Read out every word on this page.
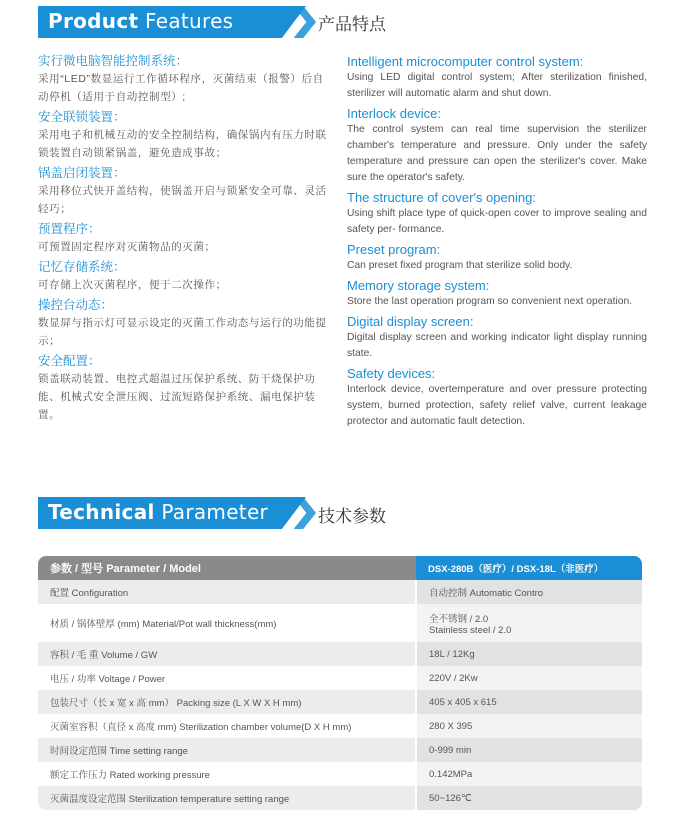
Product Features	产品特点
实行微电脑智能控制系统：
采用“LED”数显运行工作循环程序，灭菌结束（报警）后自动停机（适用于自动控制型）;
安全联锁装置：
采用电子和机械互动的安全控制结构，确保锅内有压力时联锁装置自动锁紧锅盖，避免造成事故；
锅盖启闭装置：
采用移位式快开盖结构，使锅盖开启与锁紧安全可靠、灵活轻巧；
预置程序：
可预置固定程序对灭菌物品的灭菌；
记忆存储系统：
可存储上次灭菌程序，便于二次操作；
操控台动态：
数显屏与指示灯可显示设定的灭菌工作动态与运行的功能提示；
安全配置：
锁盖联动装置、电控式超温过压保护系统、防干烧保护功能、机械式安全泄压阀、过流短路保护系统、漏电保护装置。
Intelligent microcomputer control system:
Using LED digital control system; After sterilization finished, sterilizer will automatic alarm and shut down.
Interlock device:
The control system can real time supervision the sterilizer chamber's temperature and pressure. Only under the safety temperature and pressure can open the sterilizer's cover. Make sure the operator's safety.
The structure of cover's opening:
Using shift place type of quick-open cover to improve sealing and safety per- formance.
Preset program:
Can preset fixed program that sterilize solid body.
Memory storage system:
Store the last operation program so convenient next operation.
Digital display screen:
Digital display screen and working indicator light display running state.
Safety devices:
Interlock device, overtemperature and over pressure protecting system, burned protection, safety relief valve, current leakage protector and automatic fault detection.
Technical Parameter	技术参数
参数 / 型号 Parameter / Model	DSX-280B（医疗）/ DSX-18L（非医疗）
配置 Configuration	自动控制 Automatic Contro
材质 / 锅体壁厚 (mm) Material/Pot wall thickness(mm)	全不锈钢 / 2.0
Stainless steel / 2.0

容积 / 毛 重 Volume / GW	18L / 12Kg
电压 / 功率 Voltage / Power	220V / 2Kw
包装尺寸（长 x 宽 x 高 mm） Packing size (L X W X H mm)	405 x 405 x 615
灭菌室容积（直径 x 高度 mm) Sterilization chamber volume(D X H mm)	280 X 395
时间设定范围 Time setting range	0-999 min
额定工作压力 Rated working pressure	0.142MPa
灭菌温度设定范围 Sterilization temperature setting range	50~126℃
